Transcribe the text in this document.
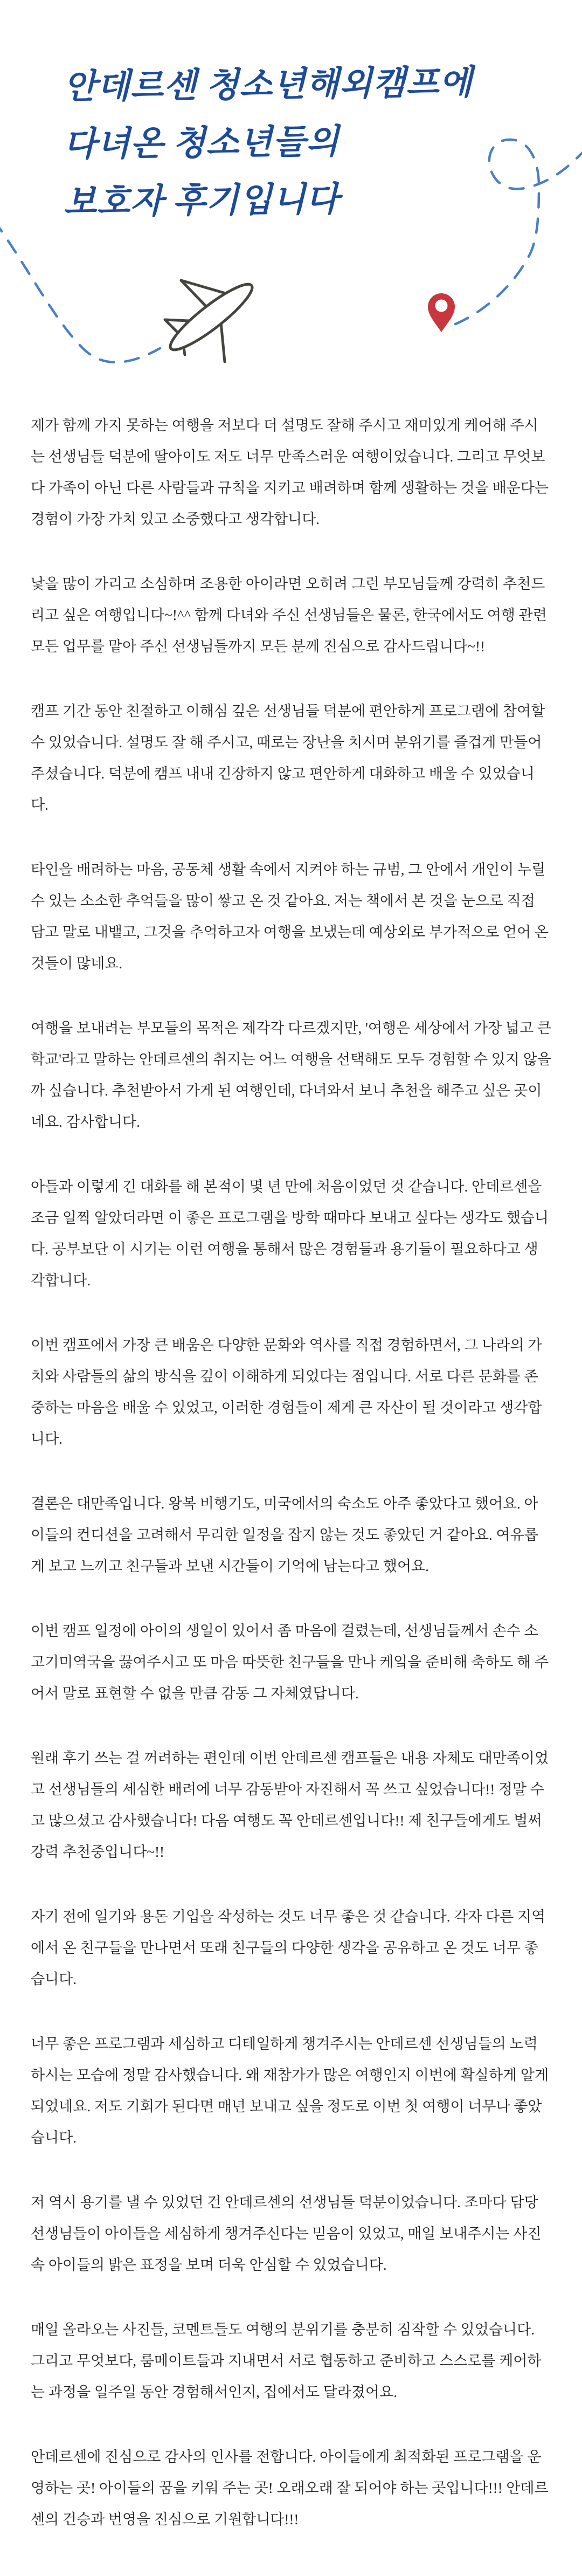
안데르센 청소년해외캠프에
다녀온 청소년들의
보호자 후기입니다

제가 함께 가지 못하는 여행을 저보다 더 설명도 잘해 주시고 재미있게 케어해 주시는 선생님들 덕분에 딸아이도 저도 너무 만족스러운 여행이었습니다. 그리고 무엇보다 가족이 아닌 다른 사람들과 규칙을 지키고 배려하며 함께 생활하는 것을 배운다는 경험이 가장 가치 있고 소중했다고 생각합니다.

낯을 많이 가리고 소심하며 조용한 아이라면 오히려 그런 부모님들께 강력히 추천드리고 싶은 여행입니다~!^^ 함께 다녀와 주신 선생님들은 물론, 한국에서도 여행 관련 모든 업무를 맡아 주신 선생님들까지 모든 분께 진심으로 감사드립니다~!!

캠프 기간 동안 친절하고 이해심 깊은 선생님들 덕분에 편안하게 프로그램에 참여할 수 있었습니다. 설명도 잘 해 주시고, 때로는 장난을 치시며 분위기를 즐겁게 만들어 주셨습니다. 덕분에 캠프 내내 긴장하지 않고 편안하게 대화하고 배울 수 있었습니다.

타인을 배려하는 마음, 공동체 생활 속에서 지켜야 하는 규범, 그 안에서 개인이 누릴 수 있는 소소한 추억들을 많이 쌓고 온 것 같아요. 저는 책에서 본 것을 눈으로 직접 담고 말로 내뱉고, 그것을 추억하고자 여행을 보냈는데 예상외로 부가적으로 얻어 온 것들이 많네요.

여행을 보내려는 부모들의 목적은 제각각 다르겠지만, '여행은 세상에서 가장 넓고 큰 학교'라고 말하는 안데르센의 취지는 어느 여행을 선택해도 모두 경험할 수 있지 않을까 싶습니다. 추천받아서 가게 된 여행인데, 다녀와서 보니 추천을 해주고 싶은 곳이네요. 감사합니다.

아들과 이렇게 긴 대화를 해 본적이 몇 년 만에 처음이었던 것 같습니다. 안데르센을 조금 일찍 알았더라면 이 좋은 프로그램을 방학 때마다 보내고 싶다는 생각도 했습니다. 공부보단 이 시기는 이런 여행을 통해서 많은 경험들과 용기들이 필요하다고 생각합니다.

이번 캠프에서 가장 큰 배움은 다양한 문화와 역사를 직접 경험하면서, 그 나라의 가치와 사람들의 삶의 방식을 깊이 이해하게 되었다는 점입니다. 서로 다른 문화를 존중하는 마음을 배울 수 있었고, 이러한 경험들이 제게 큰 자산이 될 것이라고 생각합니다.

결론은 대만족입니다. 왕복 비행기도, 미국에서의 숙소도 아주 좋았다고 했어요. 아이들의 컨디션을 고려해서 무리한 일정을 잡지 않는 것도 좋았던 거 같아요. 여유롭게 보고 느끼고 친구들과 보낸 시간들이 기억에 남는다고 했어요.

이번 캠프 일정에 아이의 생일이 있어서 좀 마음에 걸렸는데, 선생님들께서 손수 소고기미역국을 끓여주시고 또 마음 따뜻한 친구들을 만나 케잌을 준비해 축하도 해 주어서 말로 표현할 수 없을 만큼 감동 그 자체였답니다.

원래 후기 쓰는 걸 꺼려하는 편인데 이번 안데르센 캠프들은 내용 자체도 대만족이었고 선생님들의 세심한 배려에 너무 감동받아 자진해서 꼭 쓰고 싶었습니다!! 정말 수고 많으셨고 감사했습니다! 다음 여행도 꼭 안데르센입니다!! 제 친구들에게도 벌써 강력 추천중입니다~!!

자기 전에 일기와 용돈 기입을 작성하는 것도 너무 좋은 것 같습니다. 각자 다른 지역에서 온 친구들을 만나면서 또래 친구들의 다양한 생각을 공유하고 온 것도 너무 좋습니다.

너무 좋은 프로그램과 세심하고 디테일하게 챙겨주시는 안데르센 선생님들의 노력하시는 모습에 정말 감사했습니다. 왜 재참가가 많은 여행인지 이번에 확실하게 알게 되었네요. 저도 기회가 된다면 매년 보내고 싶을 정도로 이번 첫 여행이 너무나 좋았습니다.

저 역시 용기를 낼 수 있었던 건 안데르센의 선생님들 덕분이었습니다. 조마다 담당 선생님들이 아이들을 세심하게 챙겨주신다는 믿음이 있었고, 매일 보내주시는 사진 속 아이들의 밝은 표정을 보며 더욱 안심할 수 있었습니다.

매일 올라오는 사진들, 코멘트들도 여행의 분위기를 충분히 짐작할 수 있었습니다. 그리고 무엇보다, 룸메이트들과 지내면서 서로 협동하고 준비하고 스스로를 케어하는 과정을 일주일 동안 경험해서인지, 집에서도 달라졌어요.

안데르센에 진심으로 감사의 인사를 전합니다. 아이들에게 최적화된 프로그램을 운영하는 곳! 아이들의 꿈을 키워 주는 곳! 오래오래 잘 되어야 하는 곳입니다!!! 안데르센의 건승과 번영을 진심으로 기원합니다!!!
